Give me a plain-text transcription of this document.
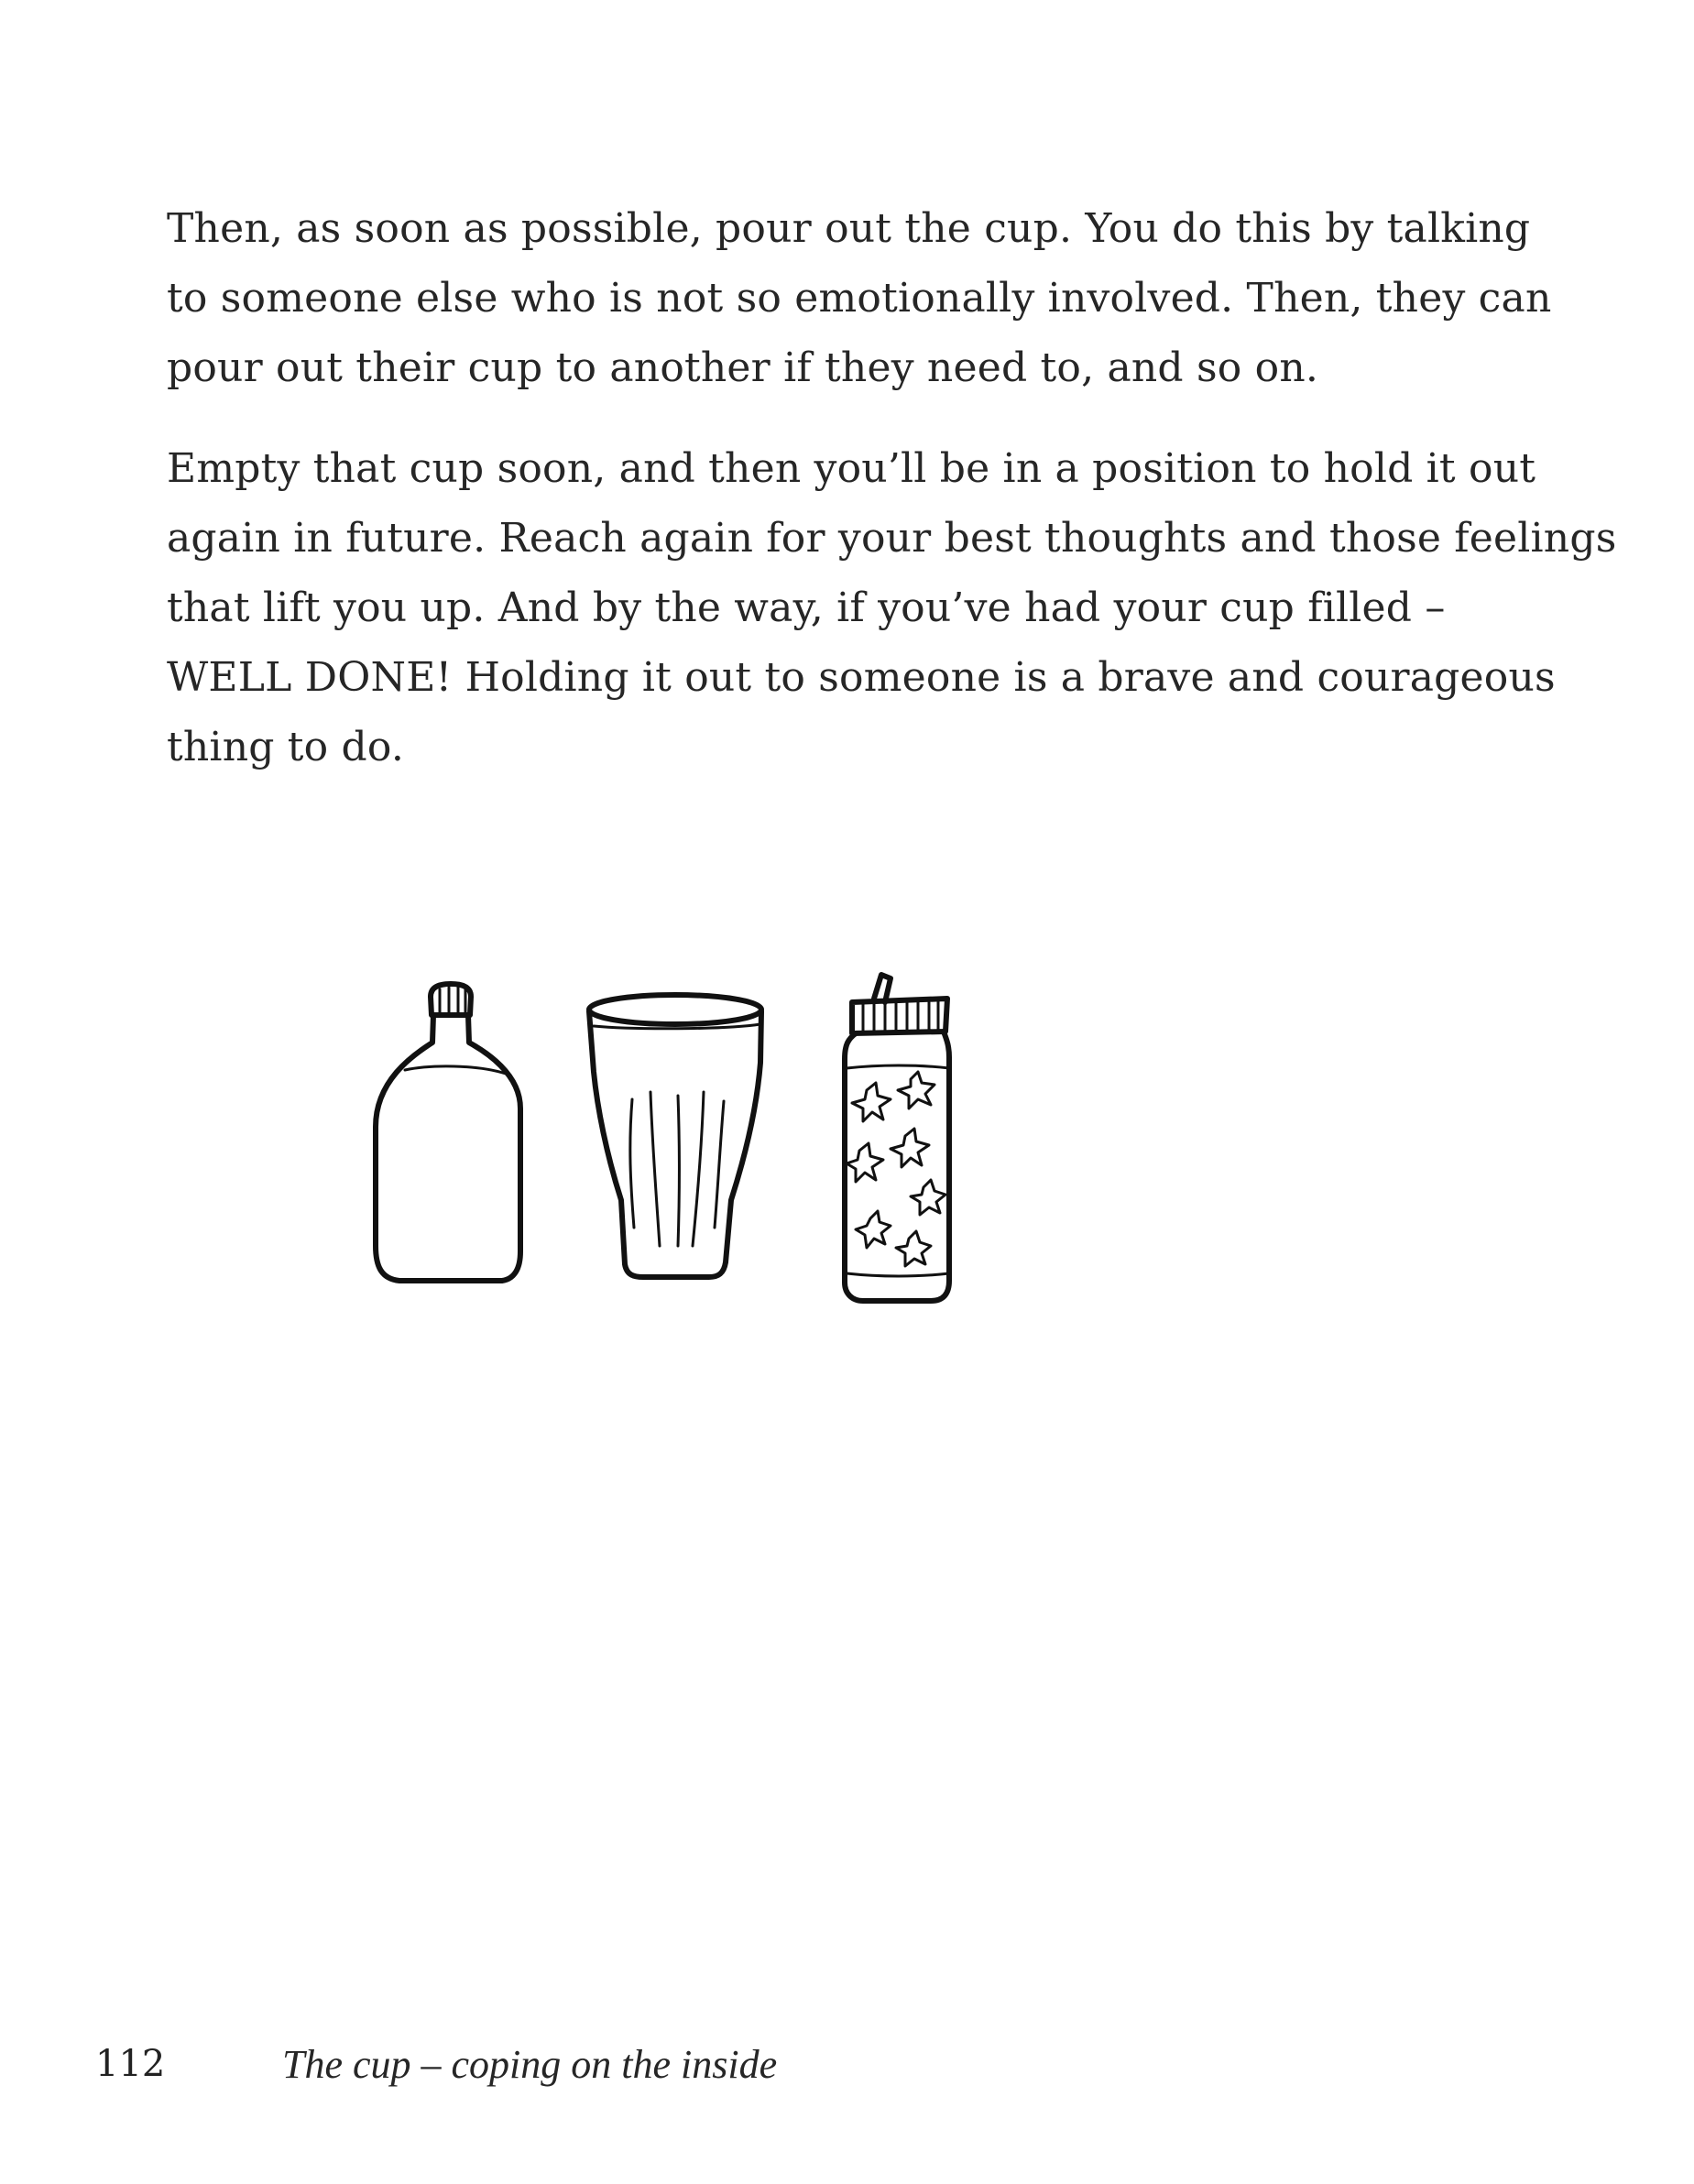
Then, as soon as possible, pour out the cup. You do this by talking
to someone else who is not so emotionally involved. Then, they can
pour out their cup to another if they need to, and so on.

Empty that cup soon, and then you’ll be in a position to hold it out
again in future. Reach again for your best thoughts and those feelings
that lift you up. And by the way, if you’ve had your cup filled –
WELL DONE! Holding it out to someone is a brave and courageous
thing to do.

112	The cup – coping on the inside
